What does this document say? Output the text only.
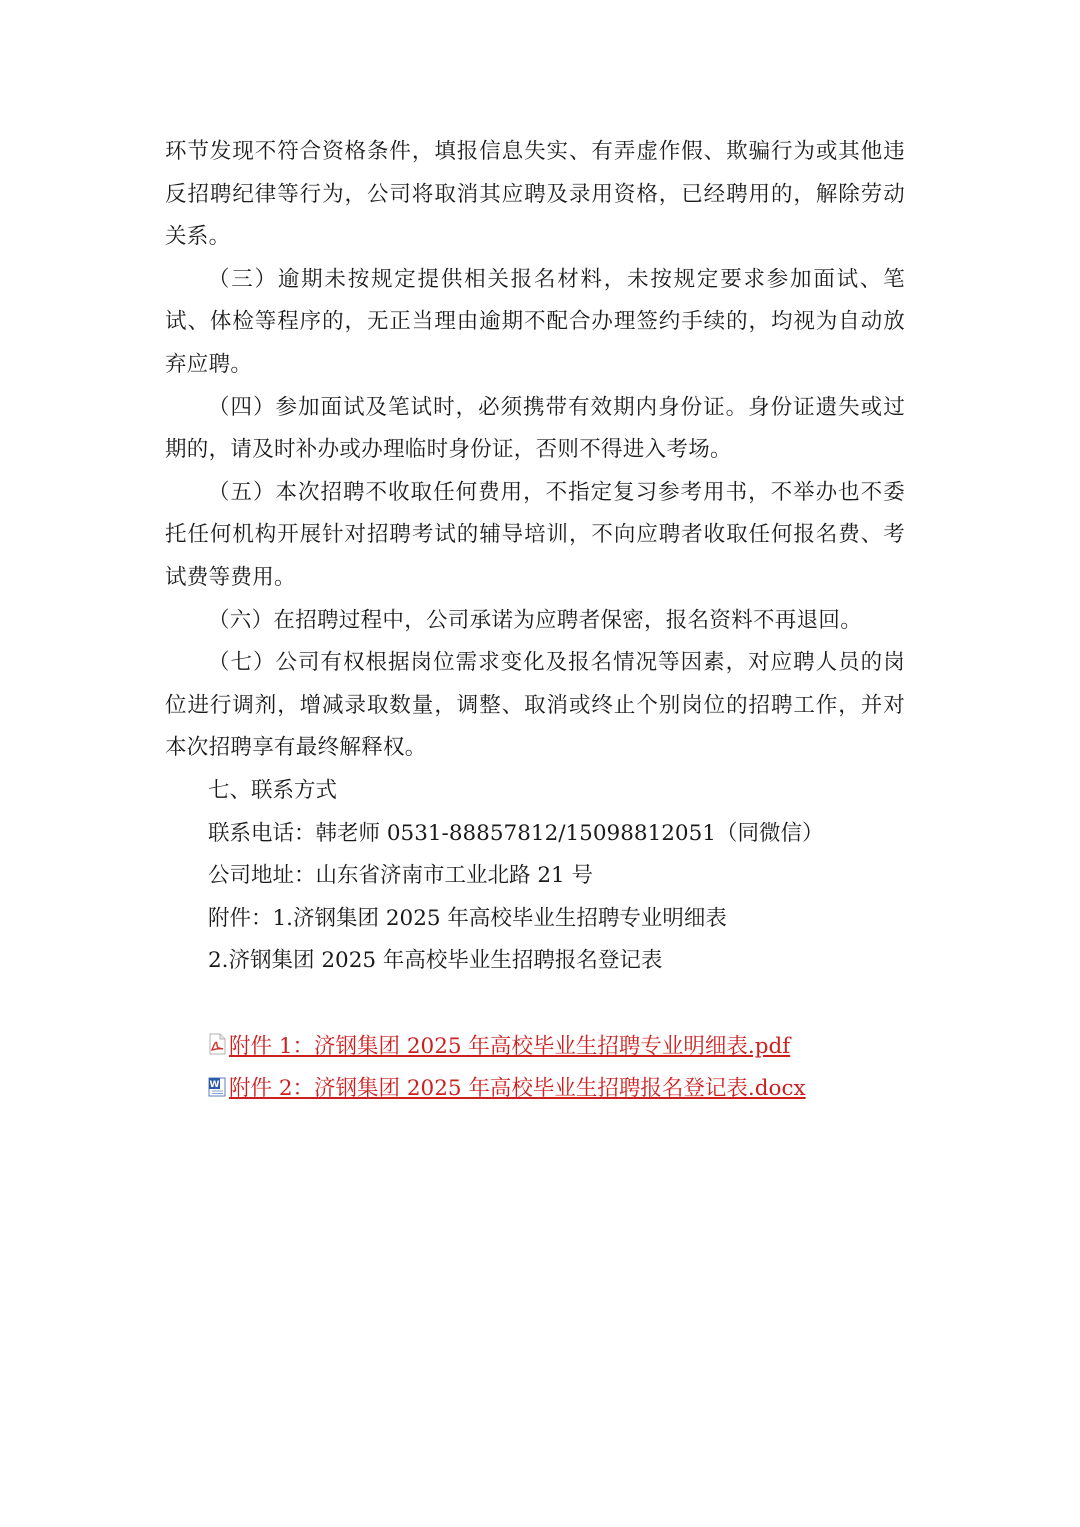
环节发现不符合资格条件，填报信息失实、有弄虚作假、欺骗行为或其他违反招聘纪律等行为，公司将取消其应聘及录用资格，已经聘用的，解除劳动关系。

（三）逾期未按规定提供相关报名材料，未按规定要求参加面试、笔试、体检等程序的，无正当理由逾期不配合办理签约手续的，均视为自动放弃应聘。

（四）参加面试及笔试时，必须携带有效期内身份证。身份证遗失或过期的，请及时补办或办理临时身份证，否则不得进入考场。

（五）本次招聘不收取任何费用，不指定复习参考用书，不举办也不委托任何机构开展针对招聘考试的辅导培训，不向应聘者收取任何报名费、考试费等费用。

（六）在招聘过程中，公司承诺为应聘者保密，报名资料不再退回。

（七）公司有权根据岗位需求变化及报名情况等因素，对应聘人员的岗位进行调剂，增减录取数量，调整、取消或终止个别岗位的招聘工作，并对本次招聘享有最终解释权。

七、联系方式

联系电话：韩老师 0531-88857812/15098812051（同微信）

公司地址：山东省济南市工业北路 21 号

附件：1.济钢集团 2025 年高校毕业生招聘专业明细表

2.济钢集团 2025 年高校毕业生招聘报名登记表

附件 1：济钢集团 2025 年高校毕业生招聘专业明细表.pdf
W 附件 2：济钢集团 2025 年高校毕业生招聘报名登记表.docx
